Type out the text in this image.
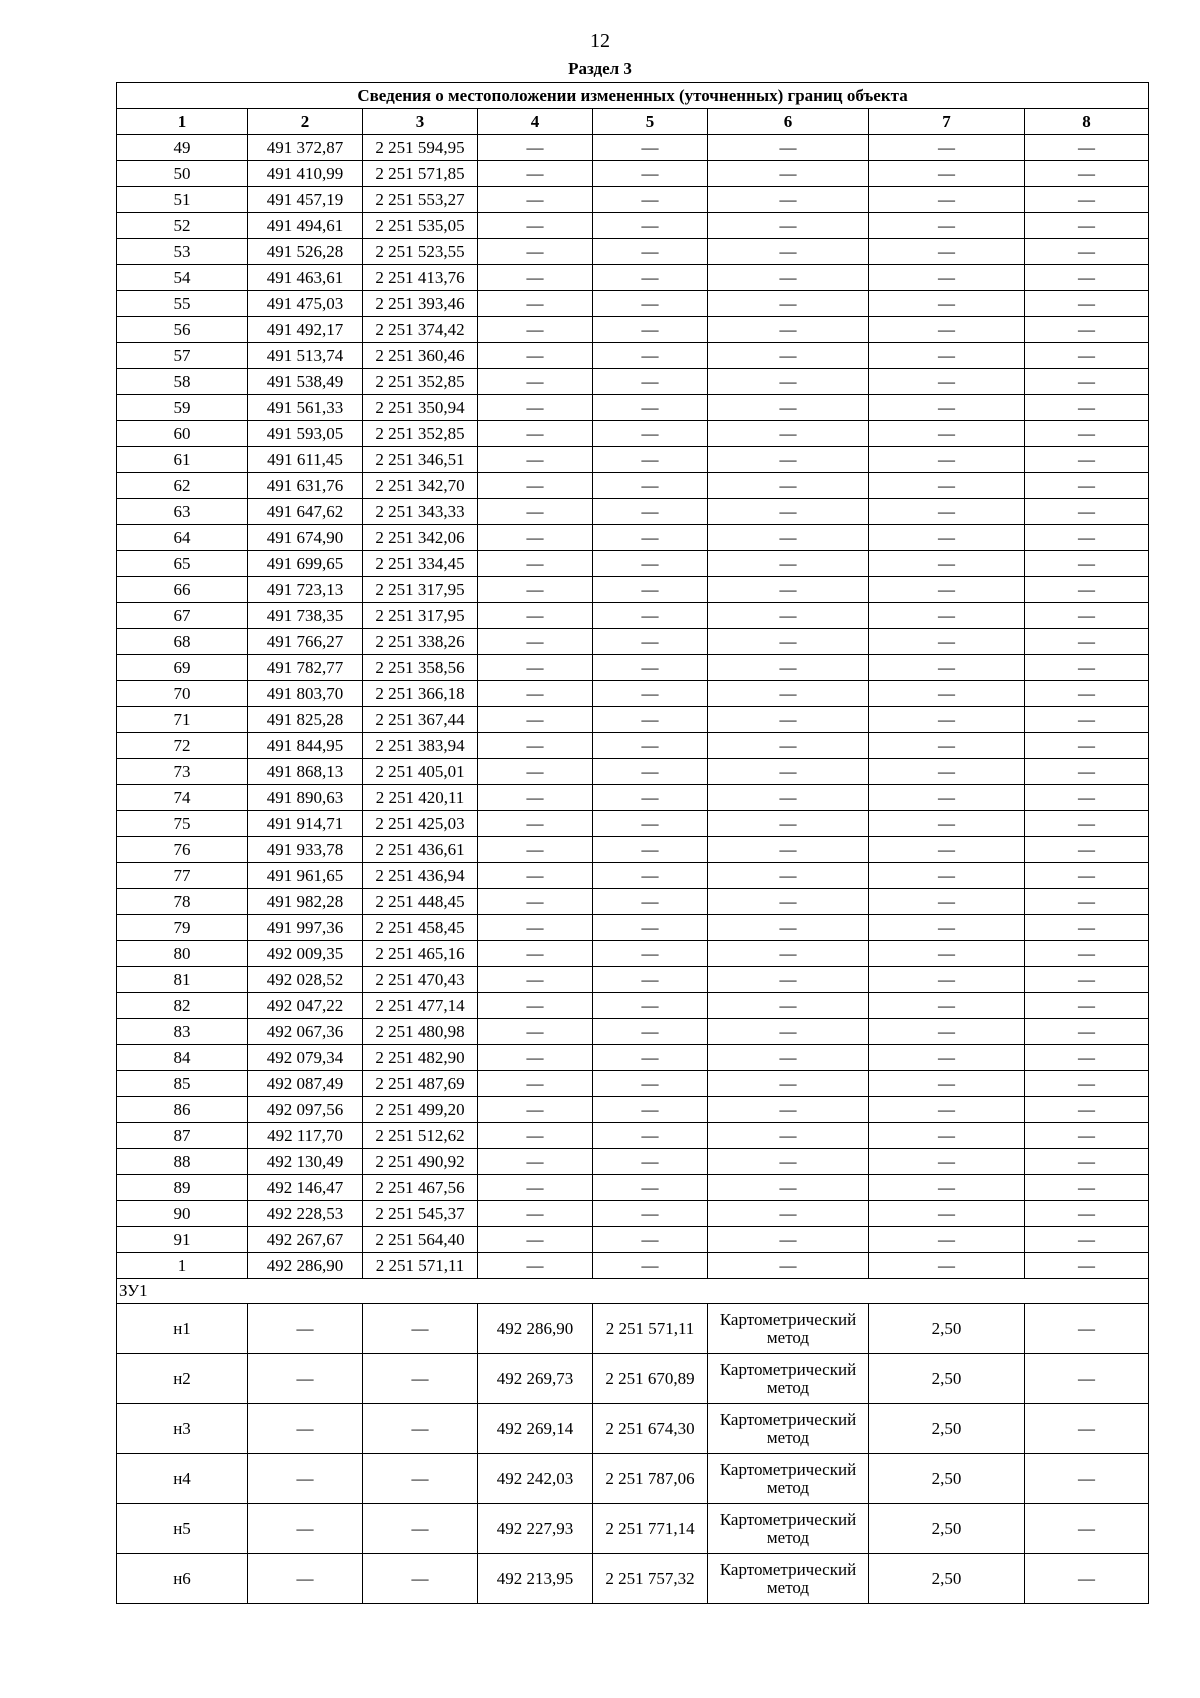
12
Раздел 3
Сведения о местоположении измененных (уточненных) границ объекта							
1	2	3	4	5	6	7	8
49	491 372,87	2 251 594,95	—	—	—	—	—
50	491 410,99	2 251 571,85	—	—	—	—	—
51	491 457,19	2 251 553,27	—	—	—	—	—
52	491 494,61	2 251 535,05	—	—	—	—	—
53	491 526,28	2 251 523,55	—	—	—	—	—
54	491 463,61	2 251 413,76	—	—	—	—	—
55	491 475,03	2 251 393,46	—	—	—	—	—
56	491 492,17	2 251 374,42	—	—	—	—	—
57	491 513,74	2 251 360,46	—	—	—	—	—
58	491 538,49	2 251 352,85	—	—	—	—	—
59	491 561,33	2 251 350,94	—	—	—	—	—
60	491 593,05	2 251 352,85	—	—	—	—	—
61	491 611,45	2 251 346,51	—	—	—	—	—
62	491 631,76	2 251 342,70	—	—	—	—	—
63	491 647,62	2 251 343,33	—	—	—	—	—
64	491 674,90	2 251 342,06	—	—	—	—	—
65	491 699,65	2 251 334,45	—	—	—	—	—
66	491 723,13	2 251 317,95	—	—	—	—	—
67	491 738,35	2 251 317,95	—	—	—	—	—
68	491 766,27	2 251 338,26	—	—	—	—	—
69	491 782,77	2 251 358,56	—	—	—	—	—
70	491 803,70	2 251 366,18	—	—	—	—	—
71	491 825,28	2 251 367,44	—	—	—	—	—
72	491 844,95	2 251 383,94	—	—	—	—	—
73	491 868,13	2 251 405,01	—	—	—	—	—
74	491 890,63	2 251 420,11	—	—	—	—	—
75	491 914,71	2 251 425,03	—	—	—	—	—
76	491 933,78	2 251 436,61	—	—	—	—	—
77	491 961,65	2 251 436,94	—	—	—	—	—
78	491 982,28	2 251 448,45	—	—	—	—	—
79	491 997,36	2 251 458,45	—	—	—	—	—
80	492 009,35	2 251 465,16	—	—	—	—	—
81	492 028,52	2 251 470,43	—	—	—	—	—
82	492 047,22	2 251 477,14	—	—	—	—	—
83	492 067,36	2 251 480,98	—	—	—	—	—
84	492 079,34	2 251 482,90	—	—	—	—	—
85	492 087,49	2 251 487,69	—	—	—	—	—
86	492 097,56	2 251 499,20	—	—	—	—	—
87	492 117,70	2 251 512,62	—	—	—	—	—
88	492 130,49	2 251 490,92	—	—	—	—	—
89	492 146,47	2 251 467,56	—	—	—	—	—
90	492 228,53	2 251 545,37	—	—	—	—	—
91	492 267,67	2 251 564,40	—	—	—	—	—
1	492 286,90	2 251 571,11	—	—	—	—	—
ЗУ1							
н1	—	—	492 286,90	2 251 571,11	Картометрический метод	2,50	—
н2	—	—	492 269,73	2 251 670,89	Картометрический метод	2,50	—
н3	—	—	492 269,14	2 251 674,30	Картометрический метод	2,50	—
н4	—	—	492 242,03	2 251 787,06	Картометрический метод	2,50	—
н5	—	—	492 227,93	2 251 771,14	Картометрический метод	2,50	—
н6	—	—	492 213,95	2 251 757,32	Картометрический метод	2,50	—
